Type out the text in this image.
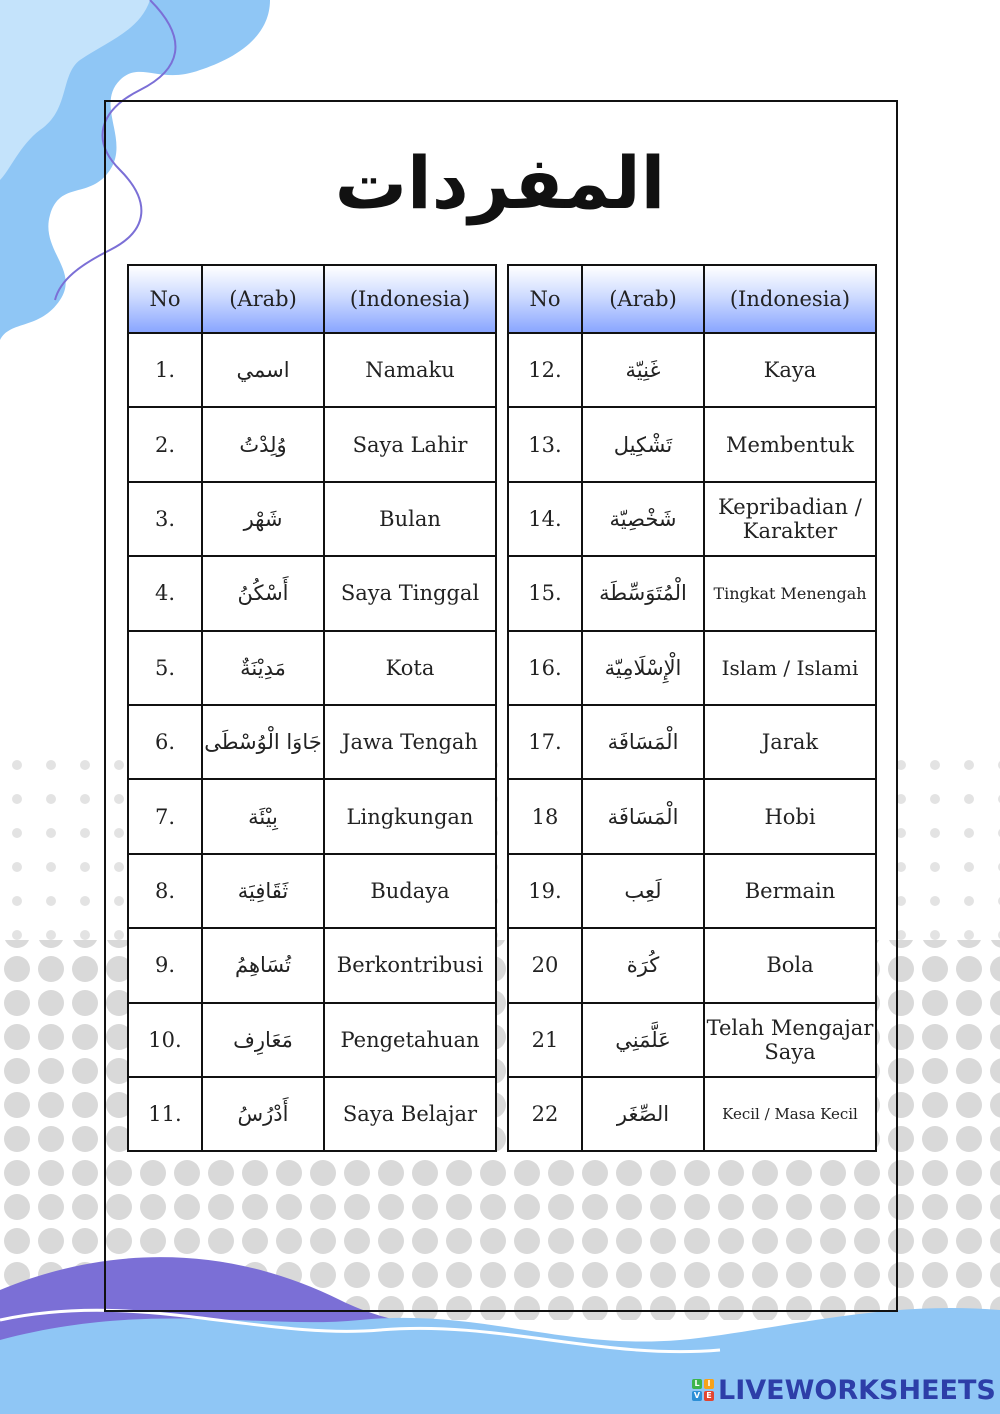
المفردات
No	(Arab)	(Indonesia)
1.	اسمي	Namaku
2.	وُلِدْتُ	Saya Lahir
3.	شَهْر	Bulan
4.	أَسْكُنُ	Saya Tinggal
5.	مَدِيْنَةٌ	Kota
6.	جَاوَا الْوُسْطَى	Jawa Tengah
7.	بِيْئَة	Lingkungan
8.	ثَقَافِيَة	Budaya
9.	تُسَاهِمُ	Berkontribusi
10.	مَعَارِف	Pengetahuan
11.	أَدْرُسُ	Saya Belajar
No	(Arab)	(Indonesia)
12.	غَنِيّة	Kaya
13.	تَشْكِيل	Membentuk
14.	شَخْصِيّة	Kepribadian / Karakter
15.	الْمُتَوَسِّطَة	Tingkat Menengah
16.	الْإِسْلَامِيّة	Islam / Islami
17.	الْمَسَافَة	Jarak
18	الْمَسَافَة	Hobi
19.	لَعِب	Bermain
20	كُرَة	Bola
21	عَلَّمَنِي	Telah Mengajar Saya
22	الصِّغَر	Kecil / Masa Kecil
L I
V E LIVEWORKSHEETS
